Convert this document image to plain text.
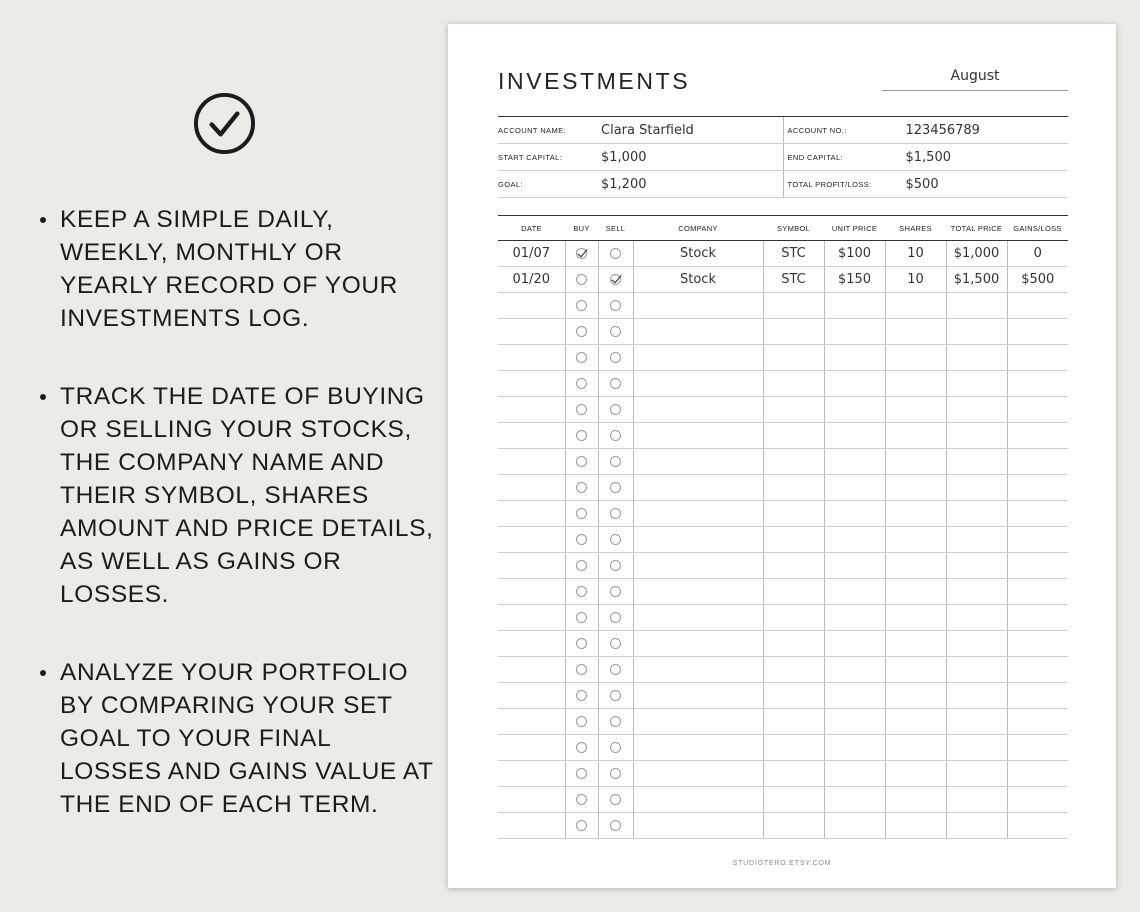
KEEP A SIMPLE DAILY, WEEKLY, MONTHLY OR YEARLY RECORD OF YOUR INVESTMENTS LOG.
TRACK THE DATE OF BUYING OR SELLING YOUR STOCKS, THE COMPANY NAME AND THEIR SYMBOL, SHARES AMOUNT AND PRICE DETAILS, AS WELL AS GAINS OR LOSSES.
ANALYZE YOUR PORTFOLIO BY COMPARING YOUR SET GOAL TO YOUR FINAL LOSSES AND GAINS VALUE AT THE END OF EACH TERM.
INVESTMENTS	August
ACCOUNT NAME:	Clara Starfield	ACCOUNT NO.:	123456789
START CAPITAL:	$1,000	END CAPITAL:	$1,500
GOAL:	$1,200	TOTAL PROFIT/LOSS:	$500
DATE	BUY	SELL	COMPANY	SYMBOL	UNIT PRICE	SHARES	TOTAL PRICE	GAINS/LOSS
01/07			Stock	STC	$100	10	$1,000	0
01/20			Stock	STC	$150	10	$1,500	$500

STUDIOTERO.ETSY.COM
